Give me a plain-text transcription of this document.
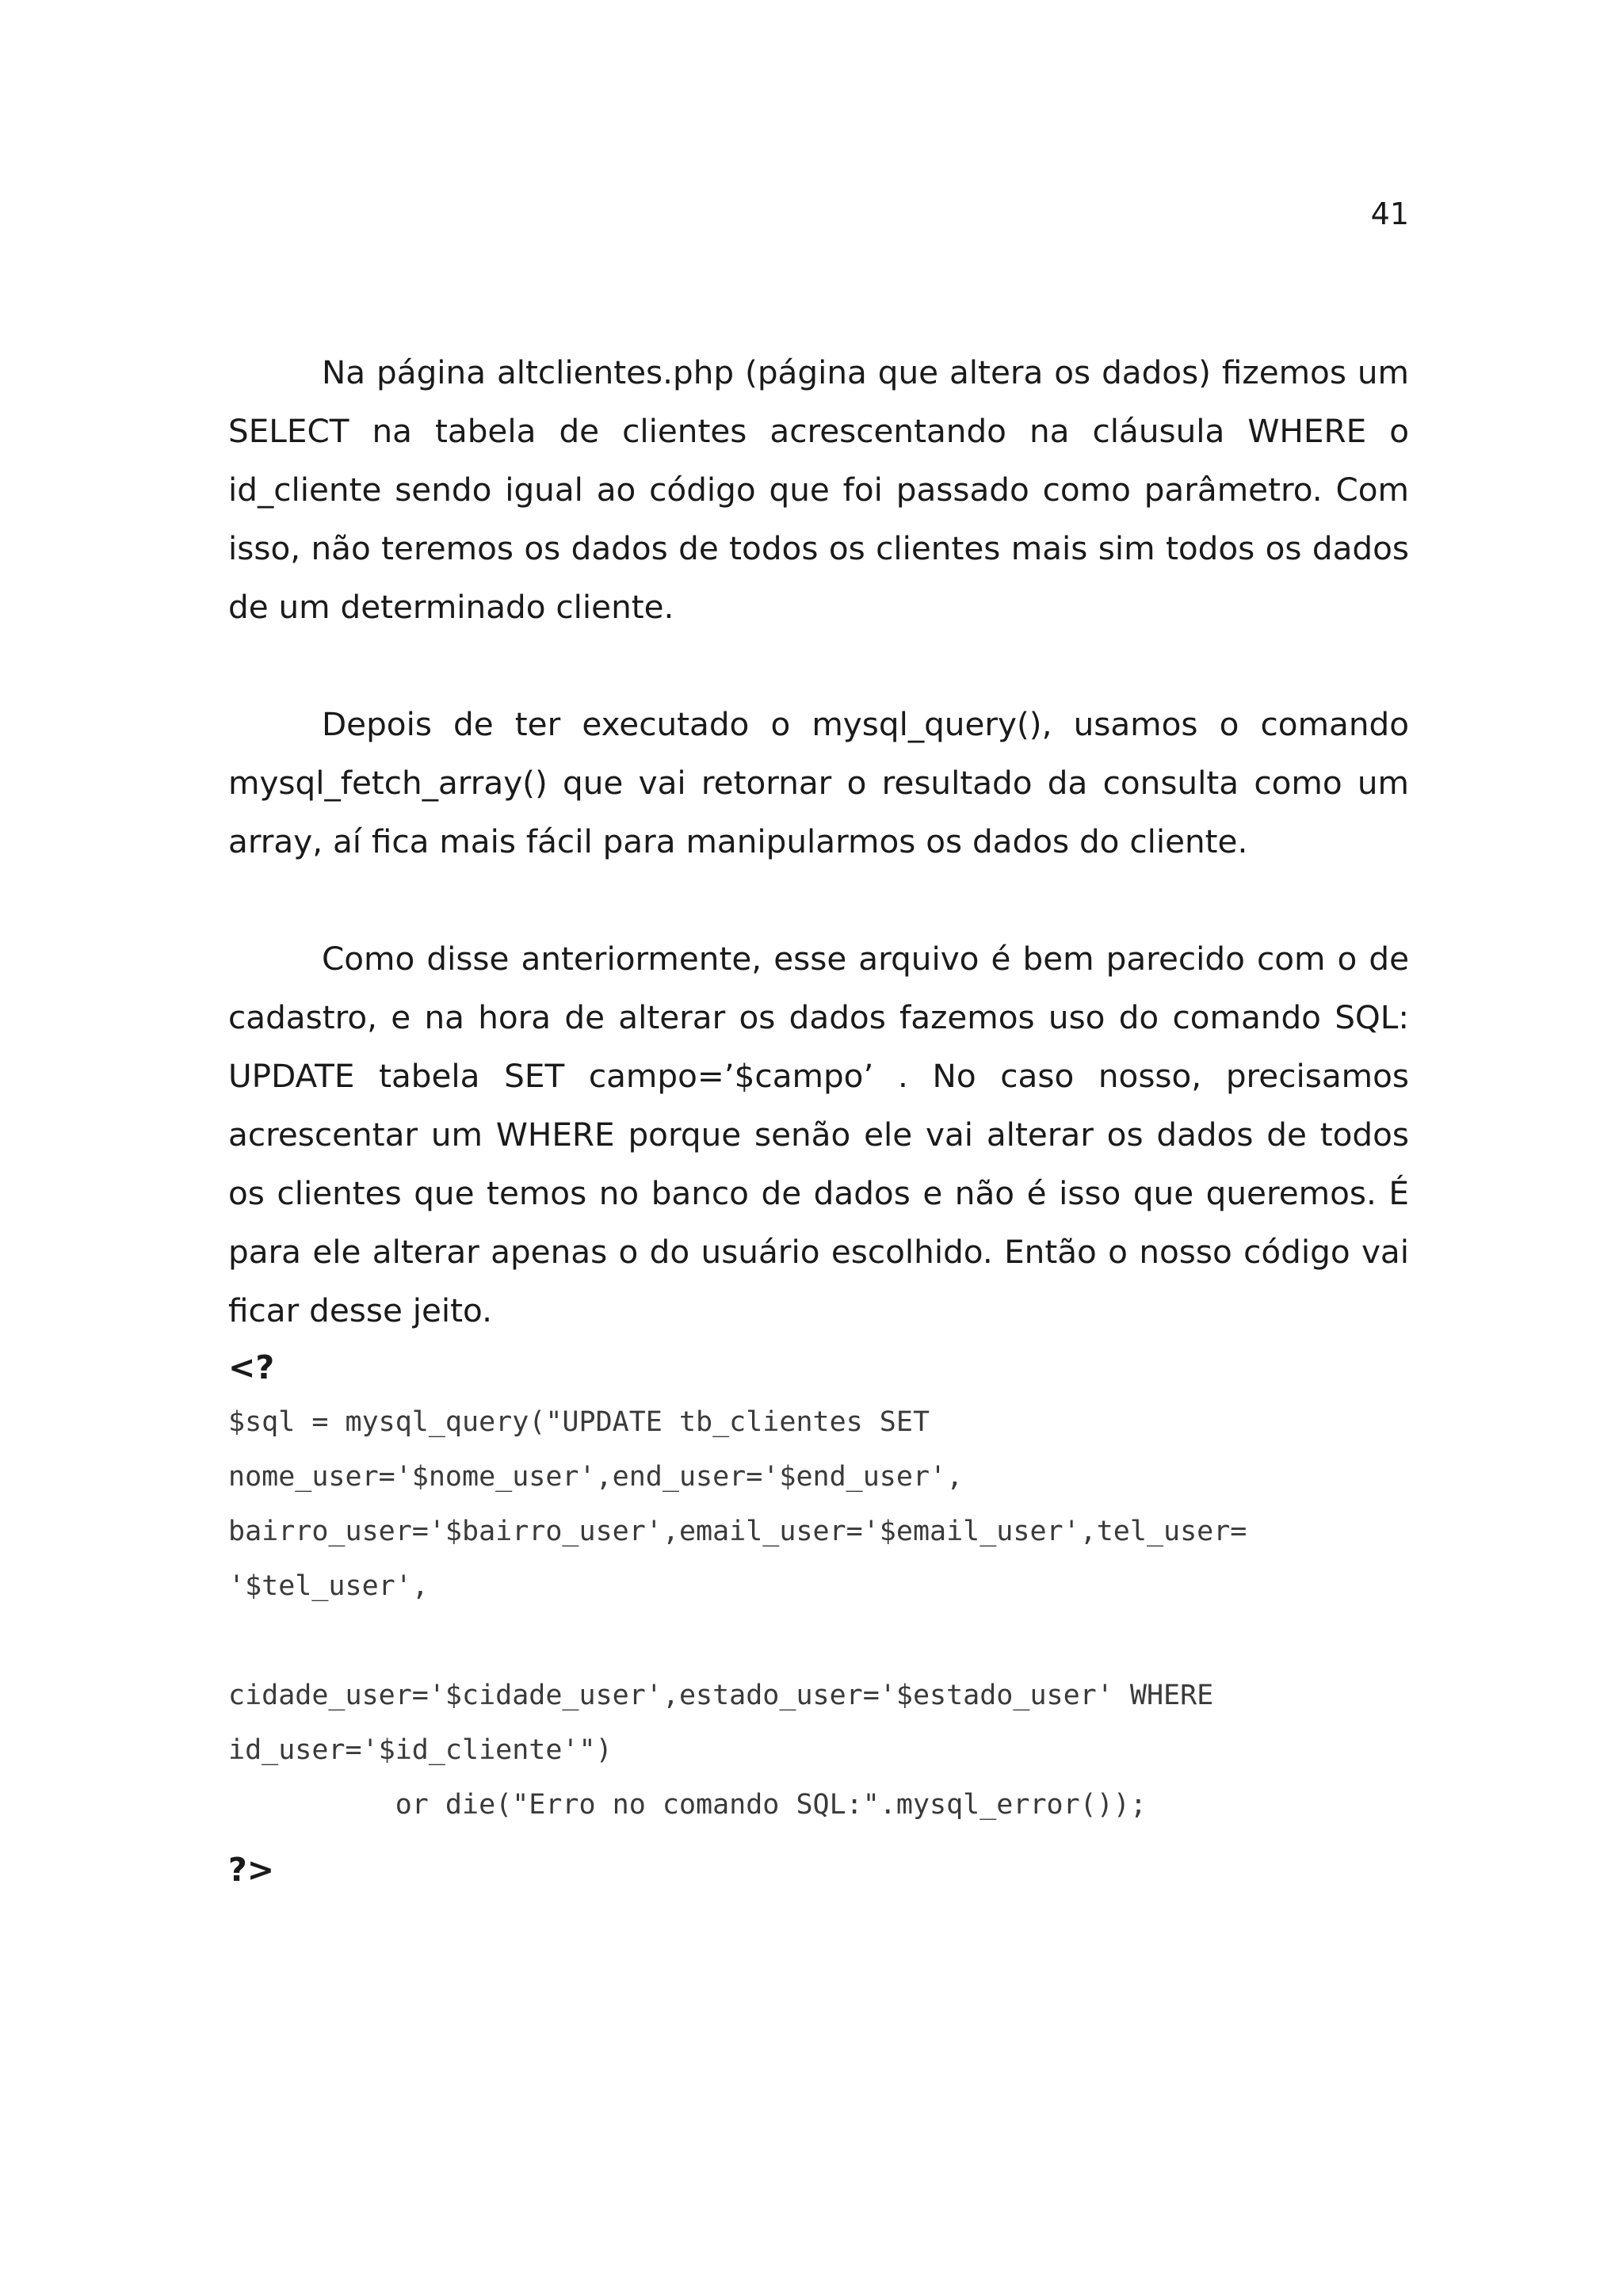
41

Na página altclientes.php (página que altera os dados) fizemos um SELECT na tabela de clientes acrescentando na cláusula WHERE o id_cliente sendo igual ao código que foi passado como parâmetro. Com isso, não teremos os dados de todos os clientes mais sim todos os dados de um determinado cliente.

Depois de ter executado o mysql_query(), usamos o comando mysql_fetch_array() que vai retornar o resultado da consulta como um array, aí fica mais fácil para manipularmos os dados do cliente.

Como disse anteriormente, esse arquivo é bem parecido com o de cadastro, e na hora de alterar os dados fazemos uso do comando SQL: UPDATE tabela SET campo=’$campo’ . No caso nosso, precisamos acrescentar um WHERE porque senão ele vai alterar os dados de todos os clientes que temos no banco de dados e não é isso que queremos. É para ele alterar apenas o do usuário escolhido. Então o nosso código vai ficar desse jeito.

<?
$sql = mysql_query("UPDATE tb_clientes SET
nome_user='$nome_user',end_user='$end_user',
bairro_user='$bairro_user',email_user='$email_user',tel_user=
'$tel_user',

cidade_user='$cidade_user',estado_user='$estado_user' WHERE
id_user='$id_cliente'")
or die("Erro no comando SQL:".mysql_error());
?>
